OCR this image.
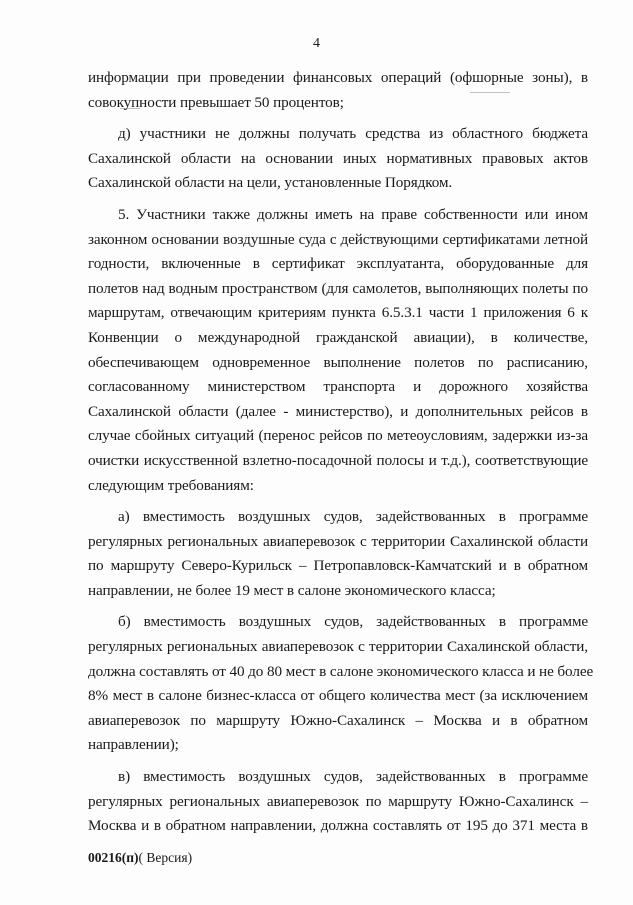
4

информации при проведении финансовых операций (офшорные зоны), в
совокупности превышает 50 процентов;

д) участники не должны получать средства из областного бюджета
Сахалинской области на основании иных нормативных правовых актов
Сахалинской области на цели, установленные Порядком.

5. Участники также должны иметь на праве собственности или ином
законном основании воздушные суда с действующими сертификатами летной
годности, включенные в сертификат эксплуатанта, оборудованные для
полетов над водным пространством (для самолетов, выполняющих полеты по
маршрутам, отвечающим критериям пункта 6.5.3.1 части 1 приложения 6 к
Конвенции о международной гражданской авиации), в количестве,
обеспечивающем одновременное выполнение полетов по расписанию,
согласованному министерством транспорта и дорожного хозяйства
Сахалинской области (далее - министерство), и дополнительных рейсов в
случае сбойных ситуаций (перенос рейсов по метеоусловиям, задержки из-за
очистки искусственной взлетно-посадочной полосы и т.д.), соответствующие
следующим требованиям:

а) вместимость воздушных судов, задействованных в программе
регулярных региональных авиаперевозок с территории Сахалинской области
по маршруту Северо-Курильск – Петропавловск-Камчатский и в обратном
направлении, не более 19 мест в салоне экономического класса;

б) вместимость воздушных судов, задействованных в программе
регулярных региональных авиаперевозок с территории Сахалинской области,
должна составлять от 40 до 80 мест в салоне экономического класса и не более
8% мест в салоне бизнес-класса от общего количества мест (за исключением
авиаперевозок по маршруту Южно-Сахалинск – Москва и в обратном
направлении);

в) вместимость воздушных судов, задействованных в программе
регулярных региональных авиаперевозок по маршруту Южно-Сахалинск –
Москва и в обратном направлении, должна составлять от 195 до 371 места в

00216(п)( Версия)
